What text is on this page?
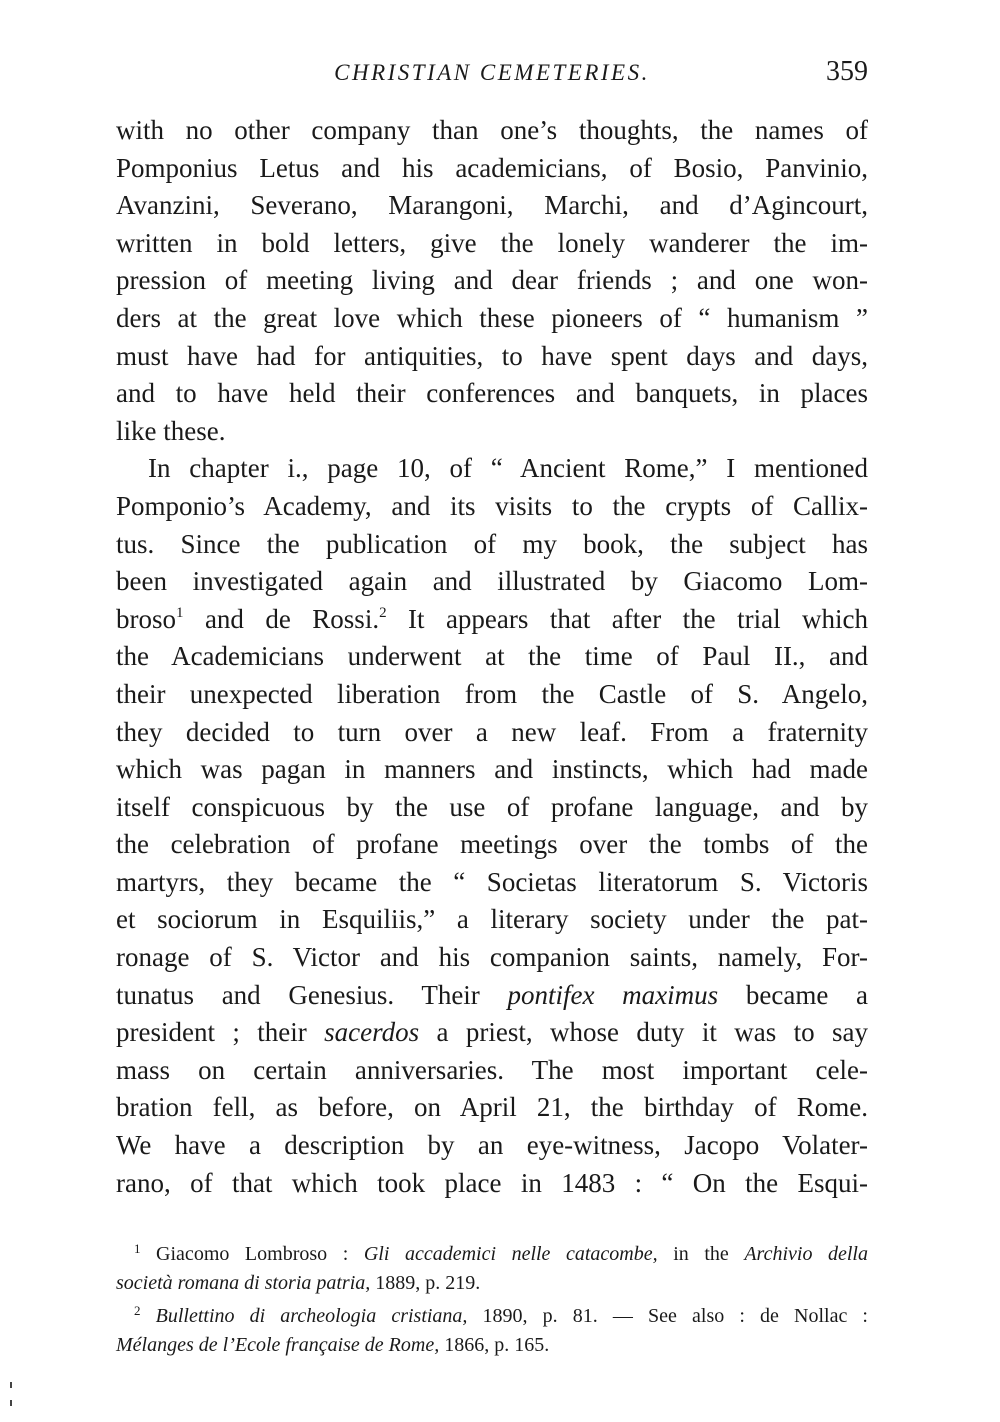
CHRISTIAN CEMETERIES.	359
with no other company than one’s thoughts, the names of
Pomponius Letus and his academicians, of Bosio, Panvinio,
Avanzini, Severano, Marangoni, Marchi, and d’Agincourt,
written in bold letters, give the lonely wanderer the im-
pression of meeting living and dear friends ; and one won-
ders at the great love which these pioneers of “ humanism ”
must have had for antiquities, to have spent days and days,
and to have held their conferences and banquets, in places
like these.
In chapter i., page 10, of “ Ancient Rome,” I mentioned
Pomponio’s Academy, and its visits to the crypts of Callix-
tus. Since the publication of my book, the subject has
been investigated again and illustrated by Giacomo Lom-
broso$^1$ and de Rossi.$^2$ It appears that after the trial which
the Academicians underwent at the time of Paul II., and
their unexpected liberation from the Castle of S. Angelo,
they decided to turn over a new leaf. From a fraternity
which was pagan in manners and instincts, which had made
itself conspicuous by the use of profane language, and by
the celebration of profane meetings over the tombs of the
martyrs, they became the “ Societas literatorum S. Victoris
et sociorum in Esquiliis,” a literary society under the pat-
ronage of S. Victor and his companion saints, namely, For-
tunatus and Genesius. Their pontifex maximus became a
president ; their sacerdos a priest, whose duty it was to say
mass on certain anniversaries. The most important cele-
bration fell, as before, on April 21, the birthday of Rome.
We have a description by an eye-witness, Jacopo Volater-
rano, of that which took place in 1483 : “ On the Esqui-
$^1$ Giacomo Lombroso : Gli accademici nelle catacombe, in the Archivio della
società romana di storia patria, 1889, p. 219.
$^2$ Bullettino di archeologia cristiana, 1890, p. 81. — See also : de Nollac :
Mélanges de l’Ecole française de Rome, 1866, p. 165.
